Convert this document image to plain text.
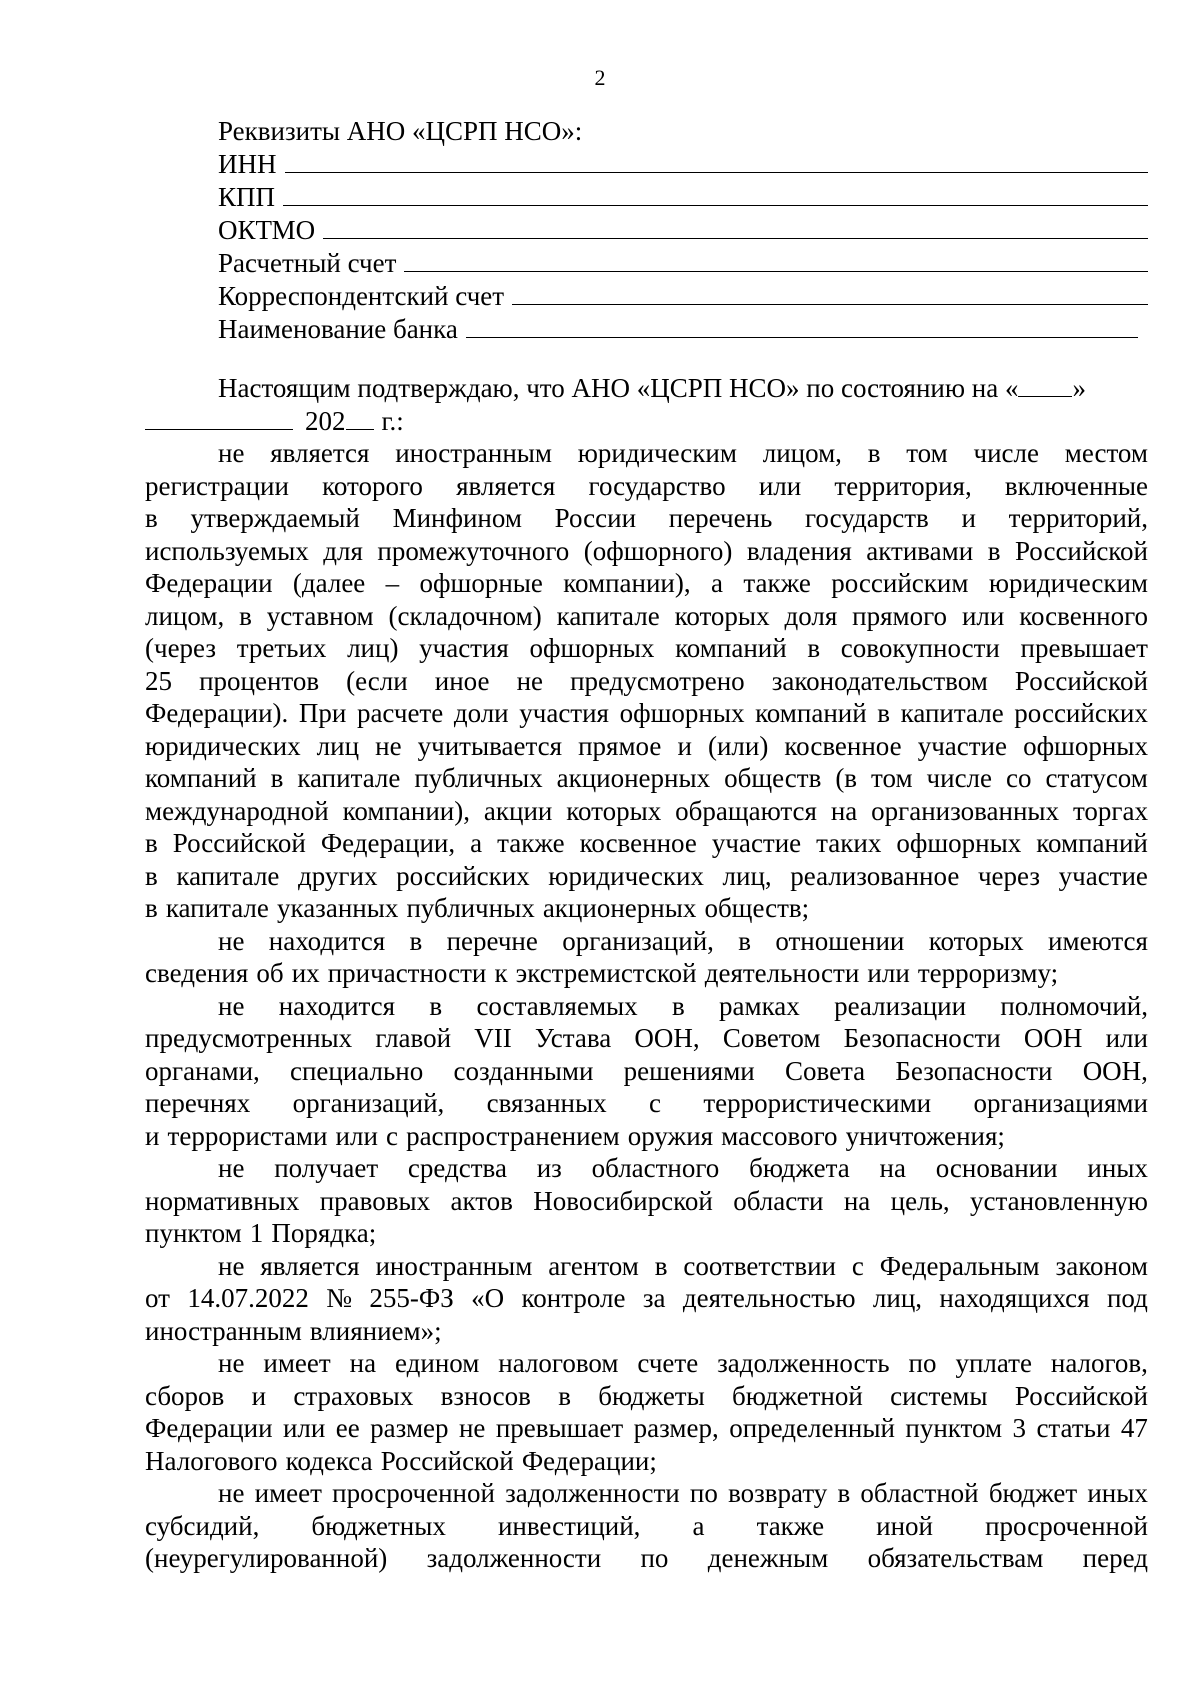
2
Реквизиты АНО «ЦСРП НСО»:
ИНН
КПП
ОКТМО
Расчетный счет
Корреспондентский счет
Наименование банка
Настоящим подтверждаю, что АНО «ЦСРП НСО» по состоянию на « »
202 г.:
не является иностранным юридическим лицом, в том числе местом
регистрации которого является государство или территория, включенные
в утверждаемый Минфином России перечень государств и территорий,
используемых для промежуточного (офшорного) владения активами в Российской
Федерации (далее – офшорные компании), а также российским юридическим
лицом, в уставном (складочном) капитале которых доля прямого или косвенного
(через третьих лиц) участия офшорных компаний в совокупности превышает
25 процентов (если иное не предусмотрено законодательством Российской
Федерации). При расчете доли участия офшорных компаний в капитале российских
юридических лиц не учитывается прямое и (или) косвенное участие офшорных
компаний в капитале публичных акционерных обществ (в том числе со статусом
международной компании), акции которых обращаются на организованных торгах
в Российской Федерации, а также косвенное участие таких офшорных компаний
в капитале других российских юридических лиц, реализованное через участие
в капитале указанных публичных акционерных обществ;
не находится в перечне организаций, в отношении которых имеются
сведения об их причастности к экстремистской деятельности или терроризму;
не находится в составляемых в рамках реализации полномочий,
предусмотренных главой VII Устава ООН, Советом Безопасности ООН или
органами, специально созданными решениями Совета Безопасности ООН,
перечнях организаций, связанных с террористическими организациями
и террористами или с распространением оружия массового уничтожения;
не получает средства из областного бюджета на основании иных
нормативных правовых актов Новосибирской области на цель, установленную
пунктом 1 Порядка;
не является иностранным агентом в соответствии с Федеральным законом
от 14.07.2022 № 255-ФЗ «О контроле за деятельностью лиц, находящихся под
иностранным влиянием»;
не имеет на едином налоговом счете задолженность по уплате налогов,
сборов и страховых взносов в бюджеты бюджетной системы Российской
Федерации или ее размер не превышает размер, определенный пунктом 3 статьи 47
Налогового кодекса Российской Федерации;
не имеет просроченной задолженности по возврату в областной бюджет иных
субсидий, бюджетных инвестиций, а также иной просроченной
(неурегулированной) задолженности по денежным обязательствам перед
